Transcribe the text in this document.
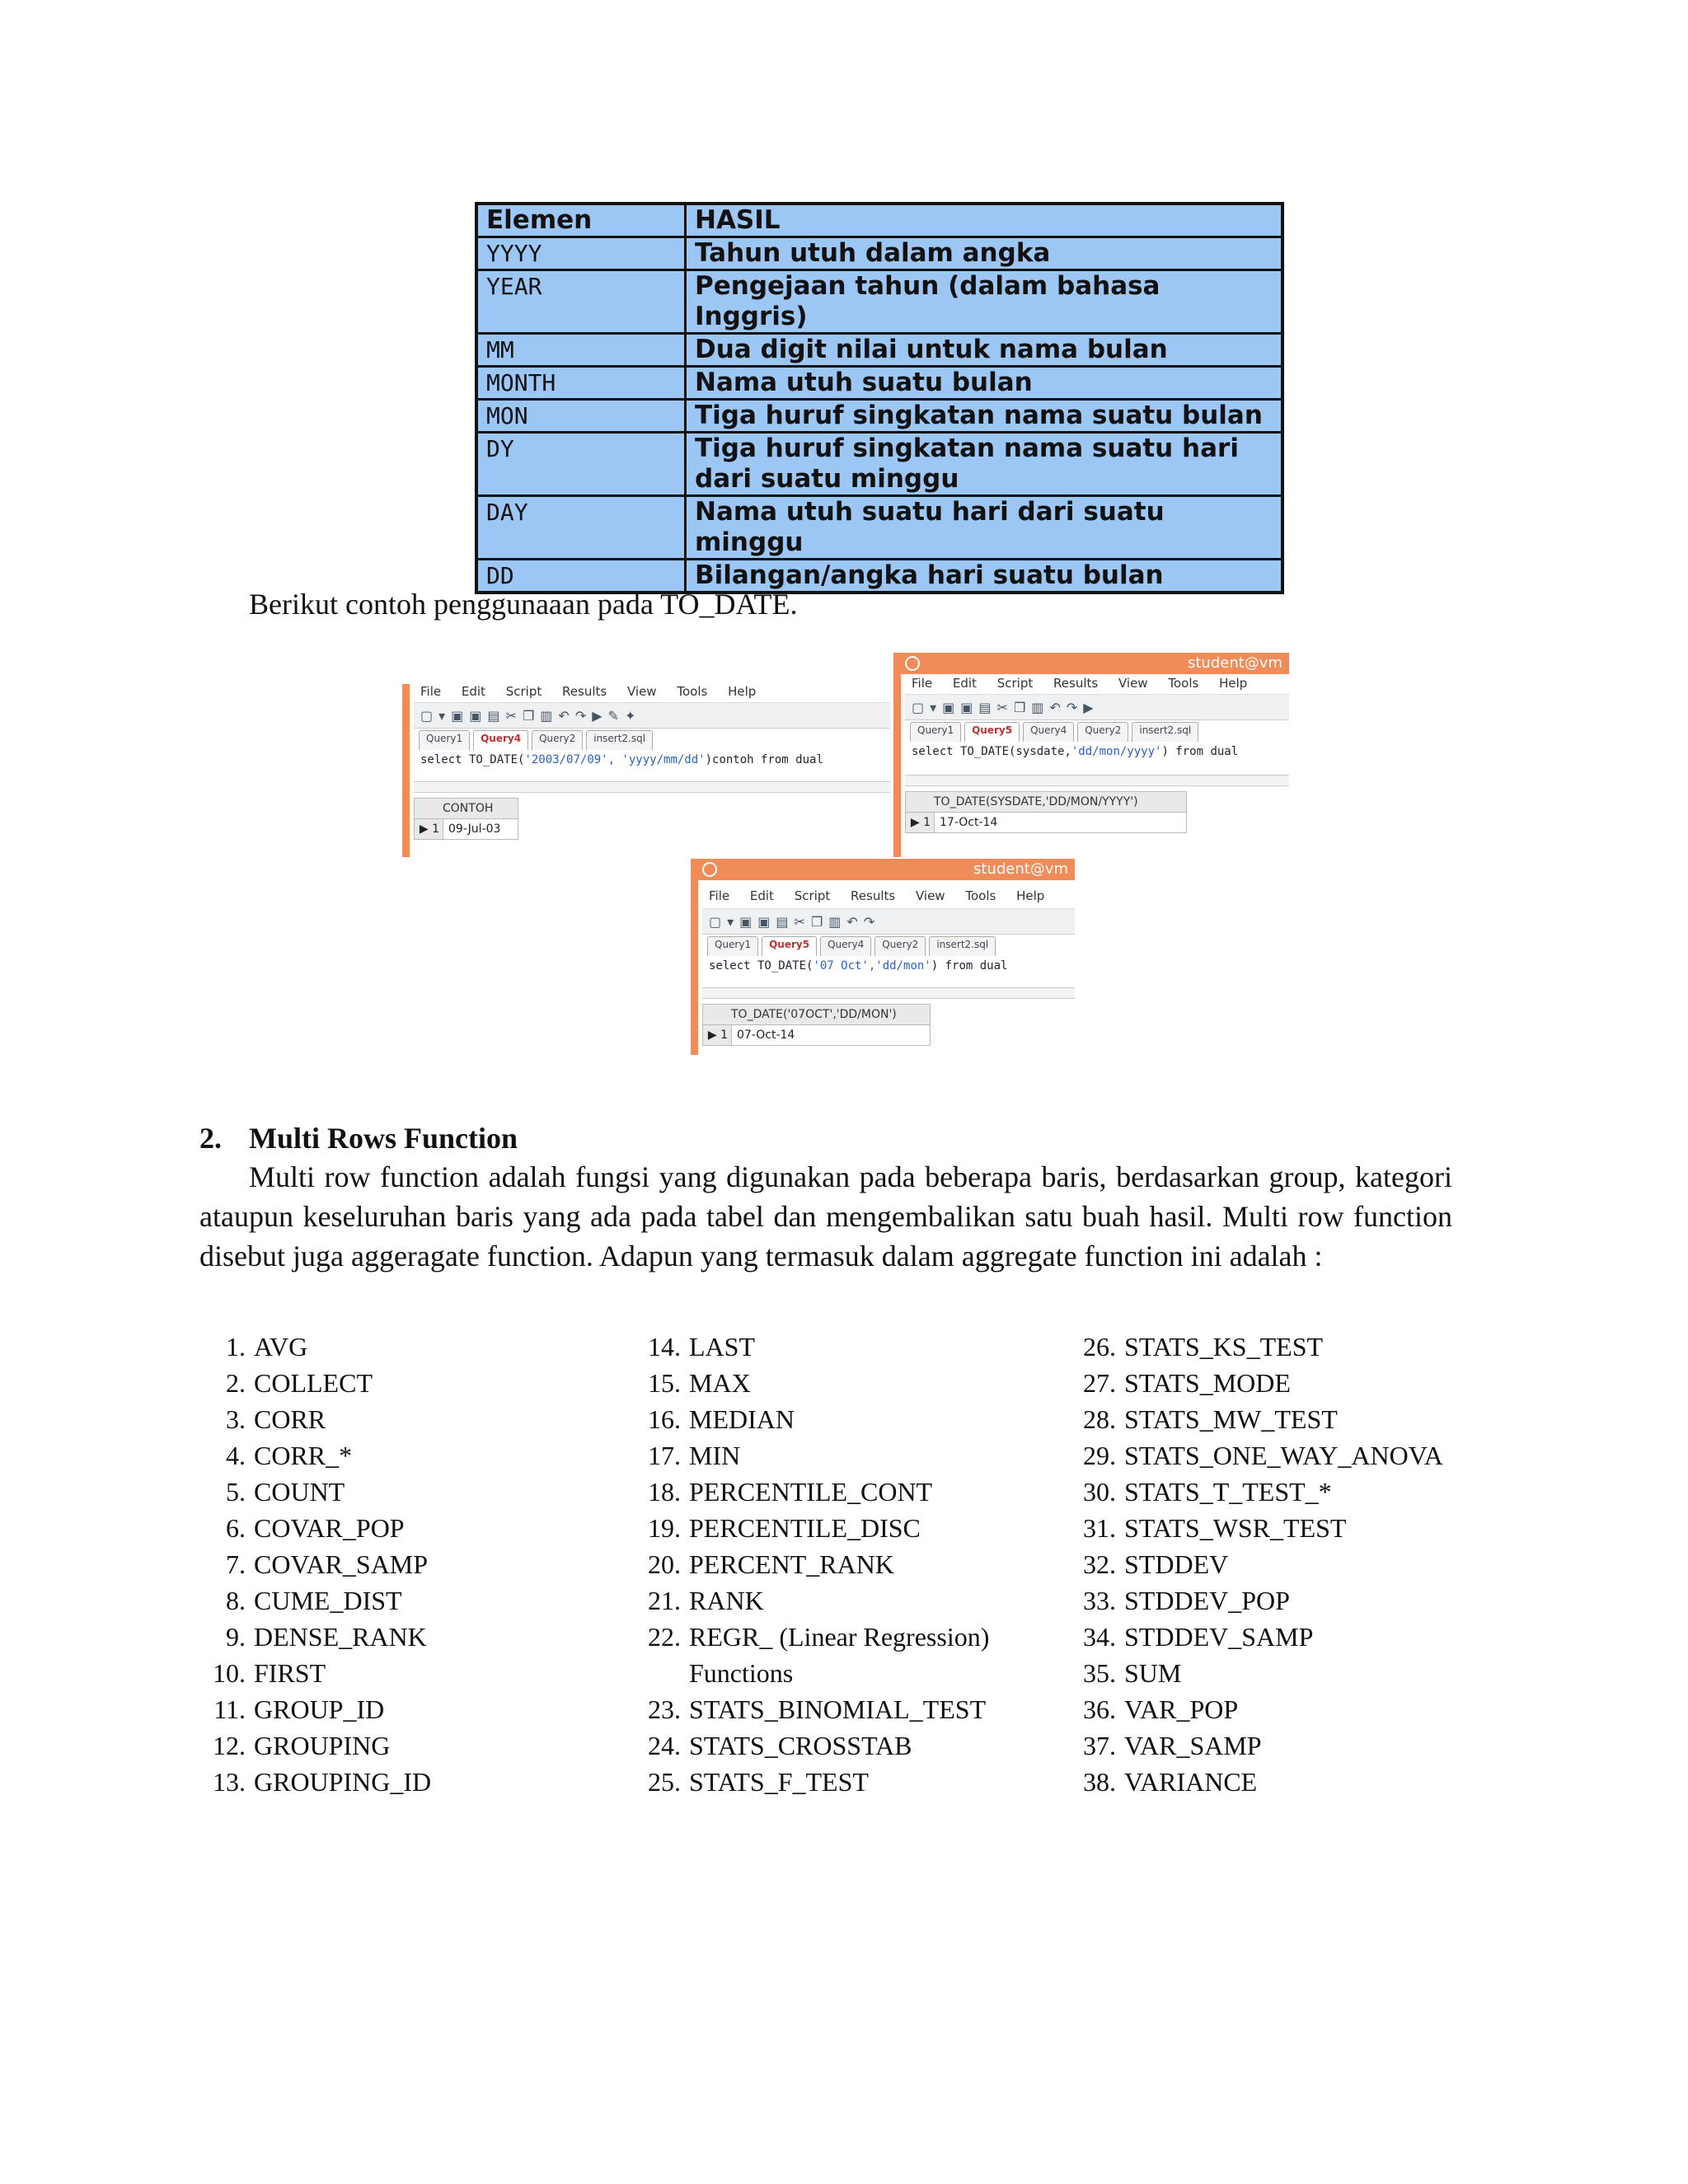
Elemen	HASIL
YYYY	Tahun utuh dalam angka
YEAR	Pengejaan tahun (dalam bahasa Inggris)
MM	Dua digit nilai untuk nama bulan
MONTH	Nama utuh suatu bulan
MON	Tiga huruf singkatan nama suatu bulan
DY	Tiga huruf singkatan nama suatu hari dari suatu minggu
DAY	Nama utuh suatu hari dari suatu minggu
DD	Bilangan/angka hari suatu bulan
Berikut contoh penggunaaan pada TO_DATE.
File Edit Script Results View Tools Help
▢ ▾ ▣ ▣ ▤ ✂ ❐ ▥ ↶ ↷ ▶ ✎ ✦
Query1	Query4	Query2	insert2.sql
select TO_DATE('2003/07/09', 'yyyy/mm/dd')contoh from dual
CONTOH
▶ 1 09-Jul-03
student@vm
File Edit Script Results View Tools Help
▢ ▾ ▣ ▣ ▤ ✂ ❐ ▥ ↶ ↷ ▶
Query1	Query5	Query4	Query2	insert2.sql
select TO_DATE(sysdate,'dd/mon/yyyy') from dual
TO_DATE(SYSDATE,'DD/MON/YYYY')
▶ 1 17-Oct-14
student@vm
File Edit Script Results View Tools Help
▢ ▾ ▣ ▣ ▤ ✂ ❐ ▥ ↶ ↷
Query1	Query5	Query4	Query2	insert2.sql
select TO_DATE('07 Oct','dd/mon') from dual
TO_DATE('07OCT','DD/MON')
▶ 1 07-Oct-14
2. Multi Rows Function
Multi row function adalah fungsi yang digunakan pada beberapa baris, berdasarkan group, kategori ataupun keseluruhan baris yang ada pada tabel dan mengembalikan satu buah hasil. Multi row function disebut juga aggeragate function. Adapun yang termasuk dalam aggregate function ini adalah :
1. AVG
2. COLLECT
3. CORR
4. CORR_*
5. COUNT
6. COVAR_POP
7. COVAR_SAMP
8. CUME_DIST
9. DENSE_RANK
10. FIRST
11. GROUP_ID
12. GROUPING
13. GROUPING_ID
14. LAST
15. MAX
16. MEDIAN
17. MIN
18. PERCENTILE_CONT
19. PERCENTILE_DISC
20. PERCENT_RANK
21. RANK
22. REGR_ (Linear Regression)
Functions
23. STATS_BINOMIAL_TEST
24. STATS_CROSSTAB
25. STATS_F_TEST
26. STATS_KS_TEST
27. STATS_MODE
28. STATS_MW_TEST
29. STATS_ONE_WAY_ANOVA
30. STATS_T_TEST_*
31. STATS_WSR_TEST
32. STDDEV
33. STDDEV_POP
34. STDDEV_SAMP
35. SUM
36. VAR_POP
37. VAR_SAMP
38. VARIANCE
